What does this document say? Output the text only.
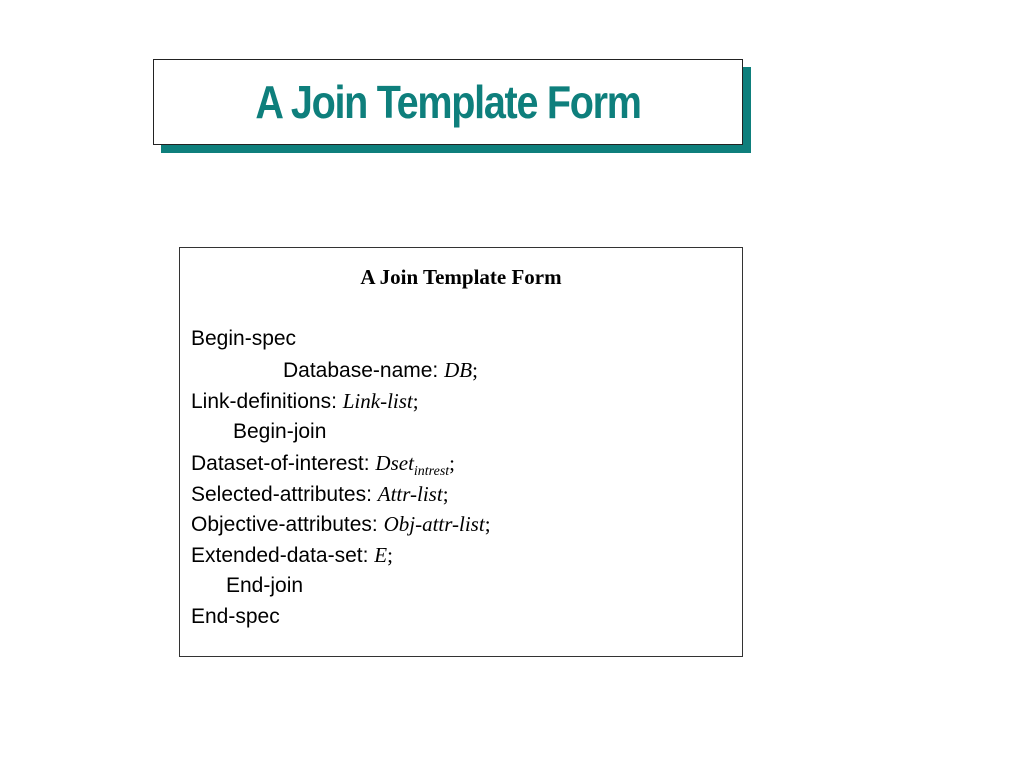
A Join Template Form
A Join Template Form
Begin-spec
Database-name: DB;
Link-definitions: Link-list;
Begin-join
Dataset-of-interest: Dset$_{intrest}$;
Selected-attributes: Attr-list;
Objective-attributes: Obj-attr-list;
Extended-data-set: E;
End-join
End-spec
